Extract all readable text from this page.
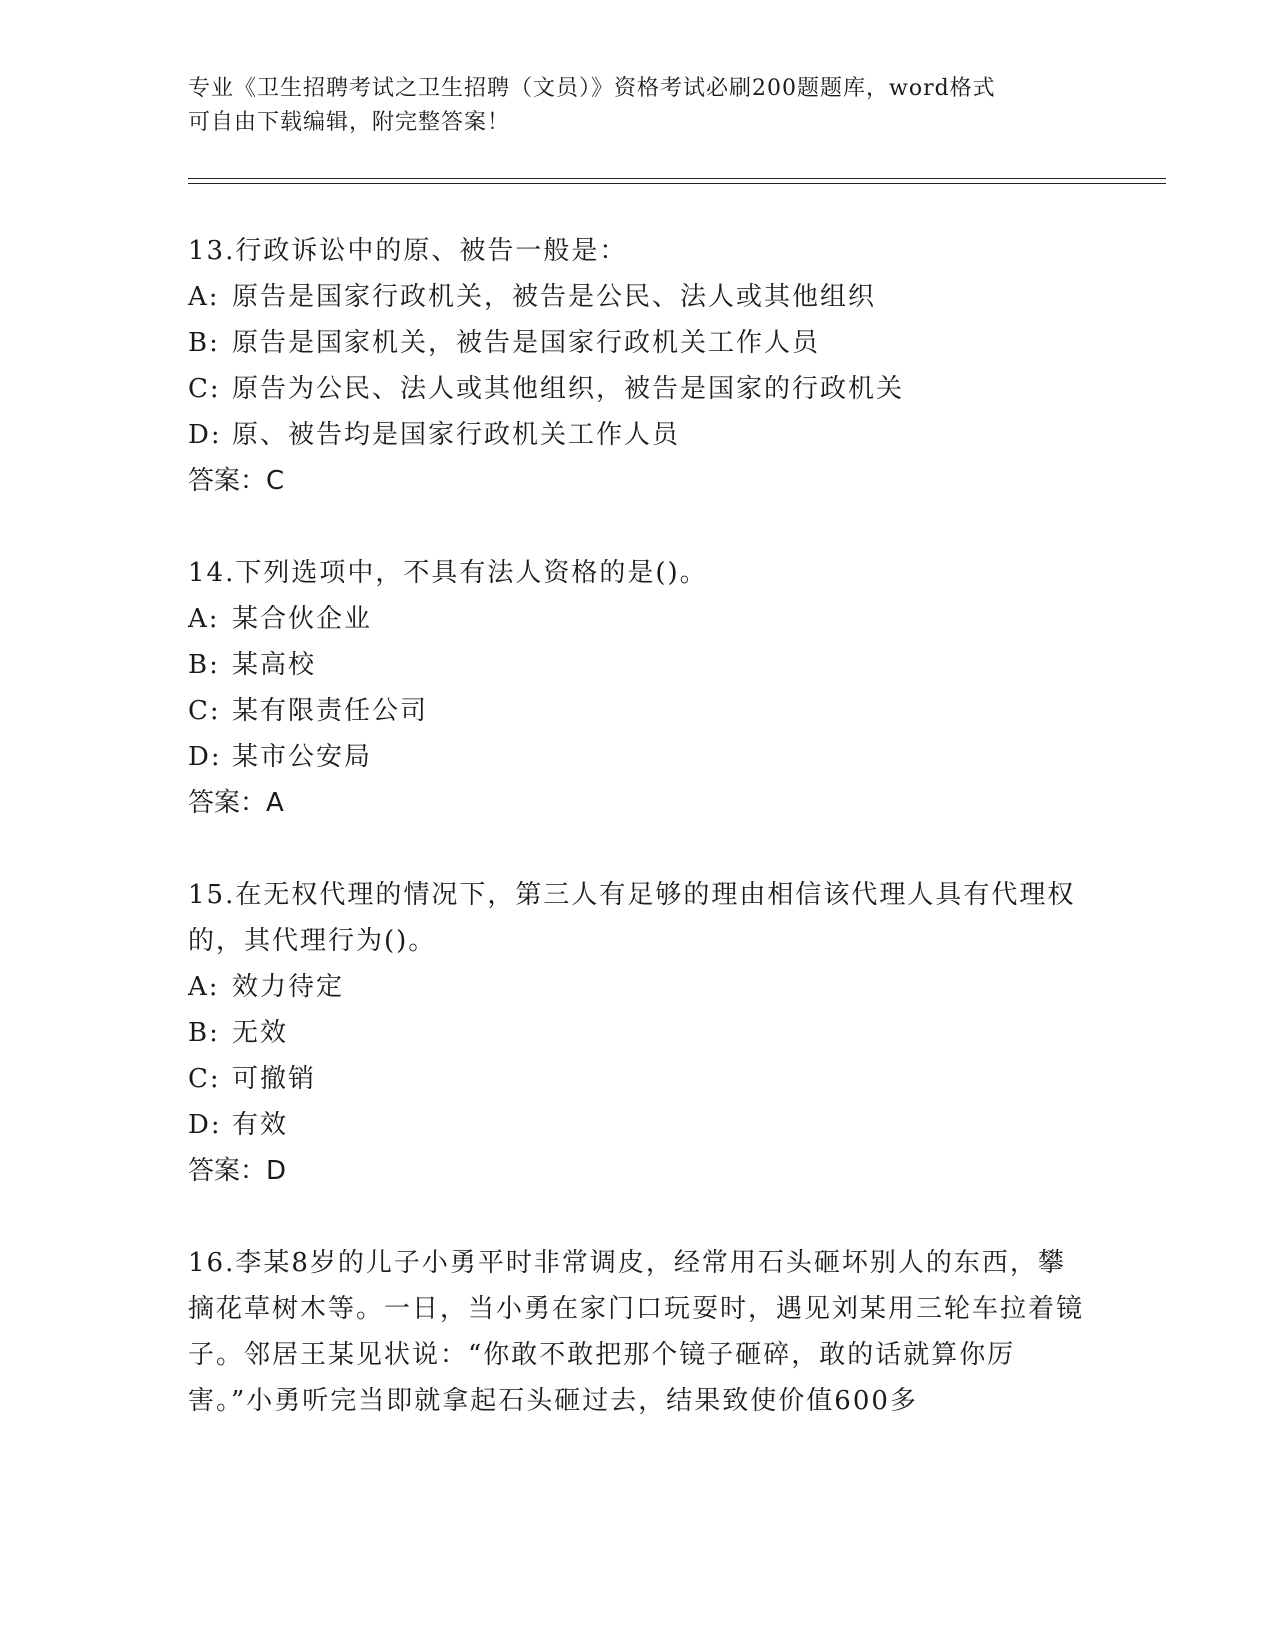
专业《卫生招聘考试之卫生招聘（文员）》资格考试必刷200题题库，word格式
可自由下载编辑，附完整答案！

13.行政诉讼中的原、被告一般是：

A: 原告是国家行政机关，被告是公民、法人或其他组织

B: 原告是国家机关，被告是国家行政机关工作人员

C: 原告为公民、法人或其他组织，被告是国家的行政机关

D: 原、被告均是国家行政机关工作人员

答案：C

14.下列选项中，不具有法人资格的是()。

A: 某合伙企业

B: 某高校

C: 某有限责任公司

D: 某市公安局

答案：A

15.在无权代理的情况下，第三人有足够的理由相信该代理人具有代理权的，其代理行为()。

A: 效力待定

B: 无效

C: 可撤销

D: 有效

答案：D

16.李某8岁的儿子小勇平时非常调皮，经常用石头砸坏别人的东西，攀摘花草树木等。一日，当小勇在家门口玩耍时，遇见刘某用三轮车拉着镜子。邻居王某见状说：“你敢不敢把那个镜子砸碎，敢的话就算你厉害。”小勇听完当即就拿起石头砸过去，结果致使价值600多
